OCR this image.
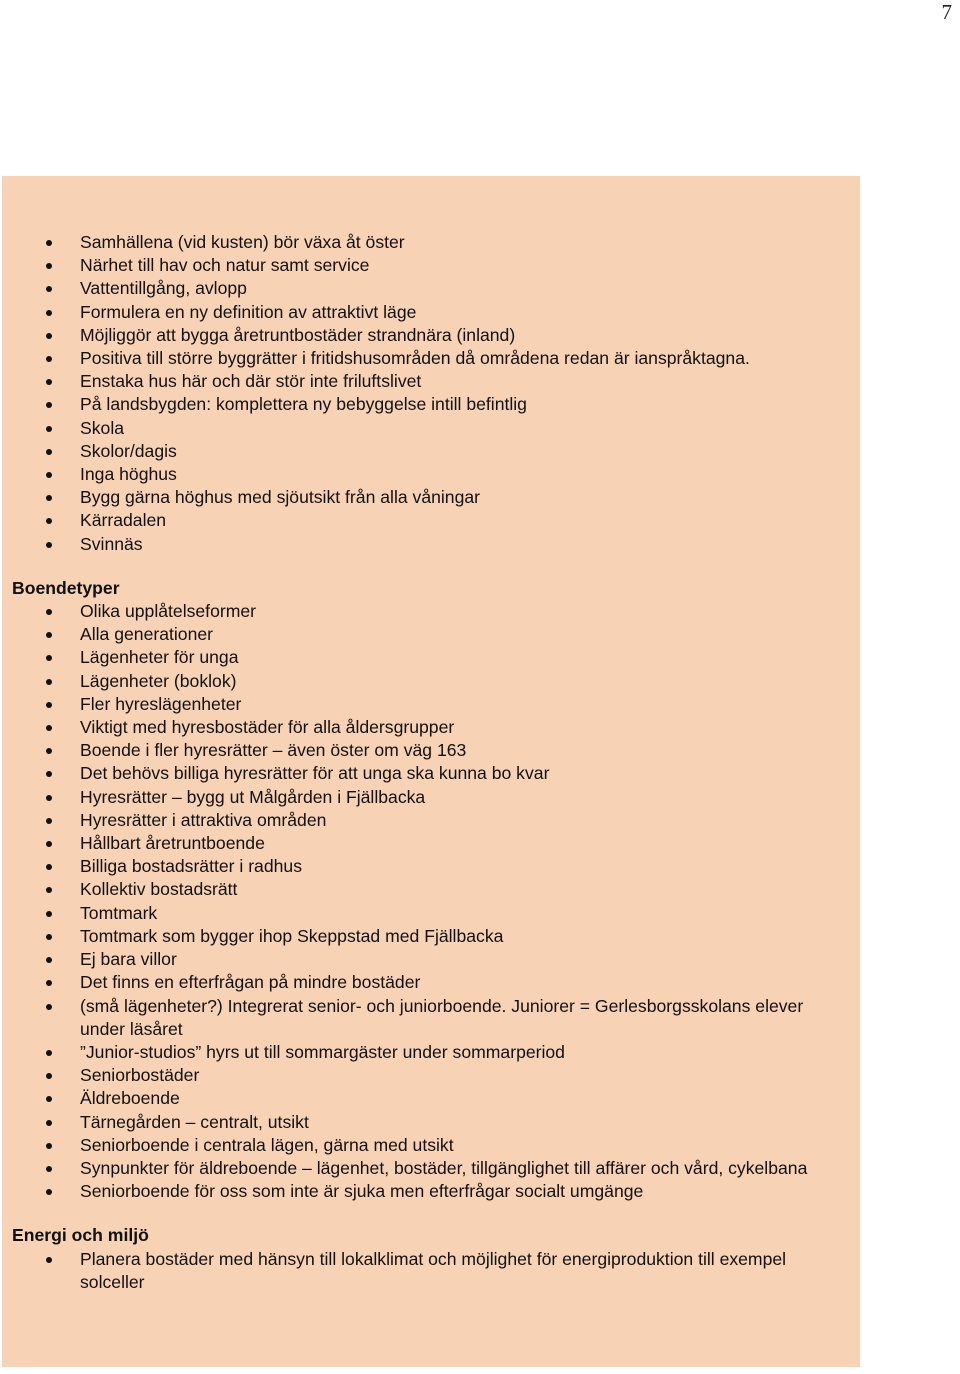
7
Samhällena (vid kusten) bör växa åt öster
Närhet till hav och natur samt service
Vattentillgång, avlopp
Formulera en ny definition av attraktivt läge
Möjliggör att bygga åretruntbostäder strandnära (inland)
Positiva till större byggrätter i fritidshusområden då områdena redan är ianspråktagna.
Enstaka hus här och där stör inte friluftslivet
På landsbygden: komplettera ny bebyggelse intill befintlig
Skola
Skolor/dagis
Inga höghus
Bygg gärna höghus med sjöutsikt från alla våningar
Kärradalen
Svinnäs
Boendetyper
Olika upplåtelseformer
Alla generationer
Lägenheter för unga
Lägenheter (boklok)
Fler hyreslägenheter
Viktigt med hyresbostäder för alla åldersgrupper
Boende i fler hyresrätter – även öster om väg 163
Det behövs billiga hyresrätter för att unga ska kunna bo kvar
Hyresrätter – bygg ut Målgården i Fjällbacka
Hyresrätter i attraktiva områden
Hållbart åretruntboende
Billiga bostadsrätter i radhus
Kollektiv bostadsrätt
Tomtmark
Tomtmark som bygger ihop Skeppstad med Fjällbacka
Ej bara villor
Det finns en efterfrågan på mindre bostäder
(små lägenheter?) Integrerat senior- och juniorboende. Juniorer = Gerlesborgsskolans elever under läsåret
”Junior-studios” hyrs ut till sommargäster under sommarperiod
Seniorbostäder
Äldreboende
Tärnegården – centralt, utsikt
Seniorboende i centrala lägen, gärna med utsikt
Synpunkter för äldreboende – lägenhet, bostäder, tillgänglighet till affärer och vård, cykelbana
Seniorboende för oss som inte är sjuka men efterfrågar socialt umgänge
Energi och miljö
Planera bostäder med hänsyn till lokalklimat och möjlighet för energiproduktion till exempel solceller
